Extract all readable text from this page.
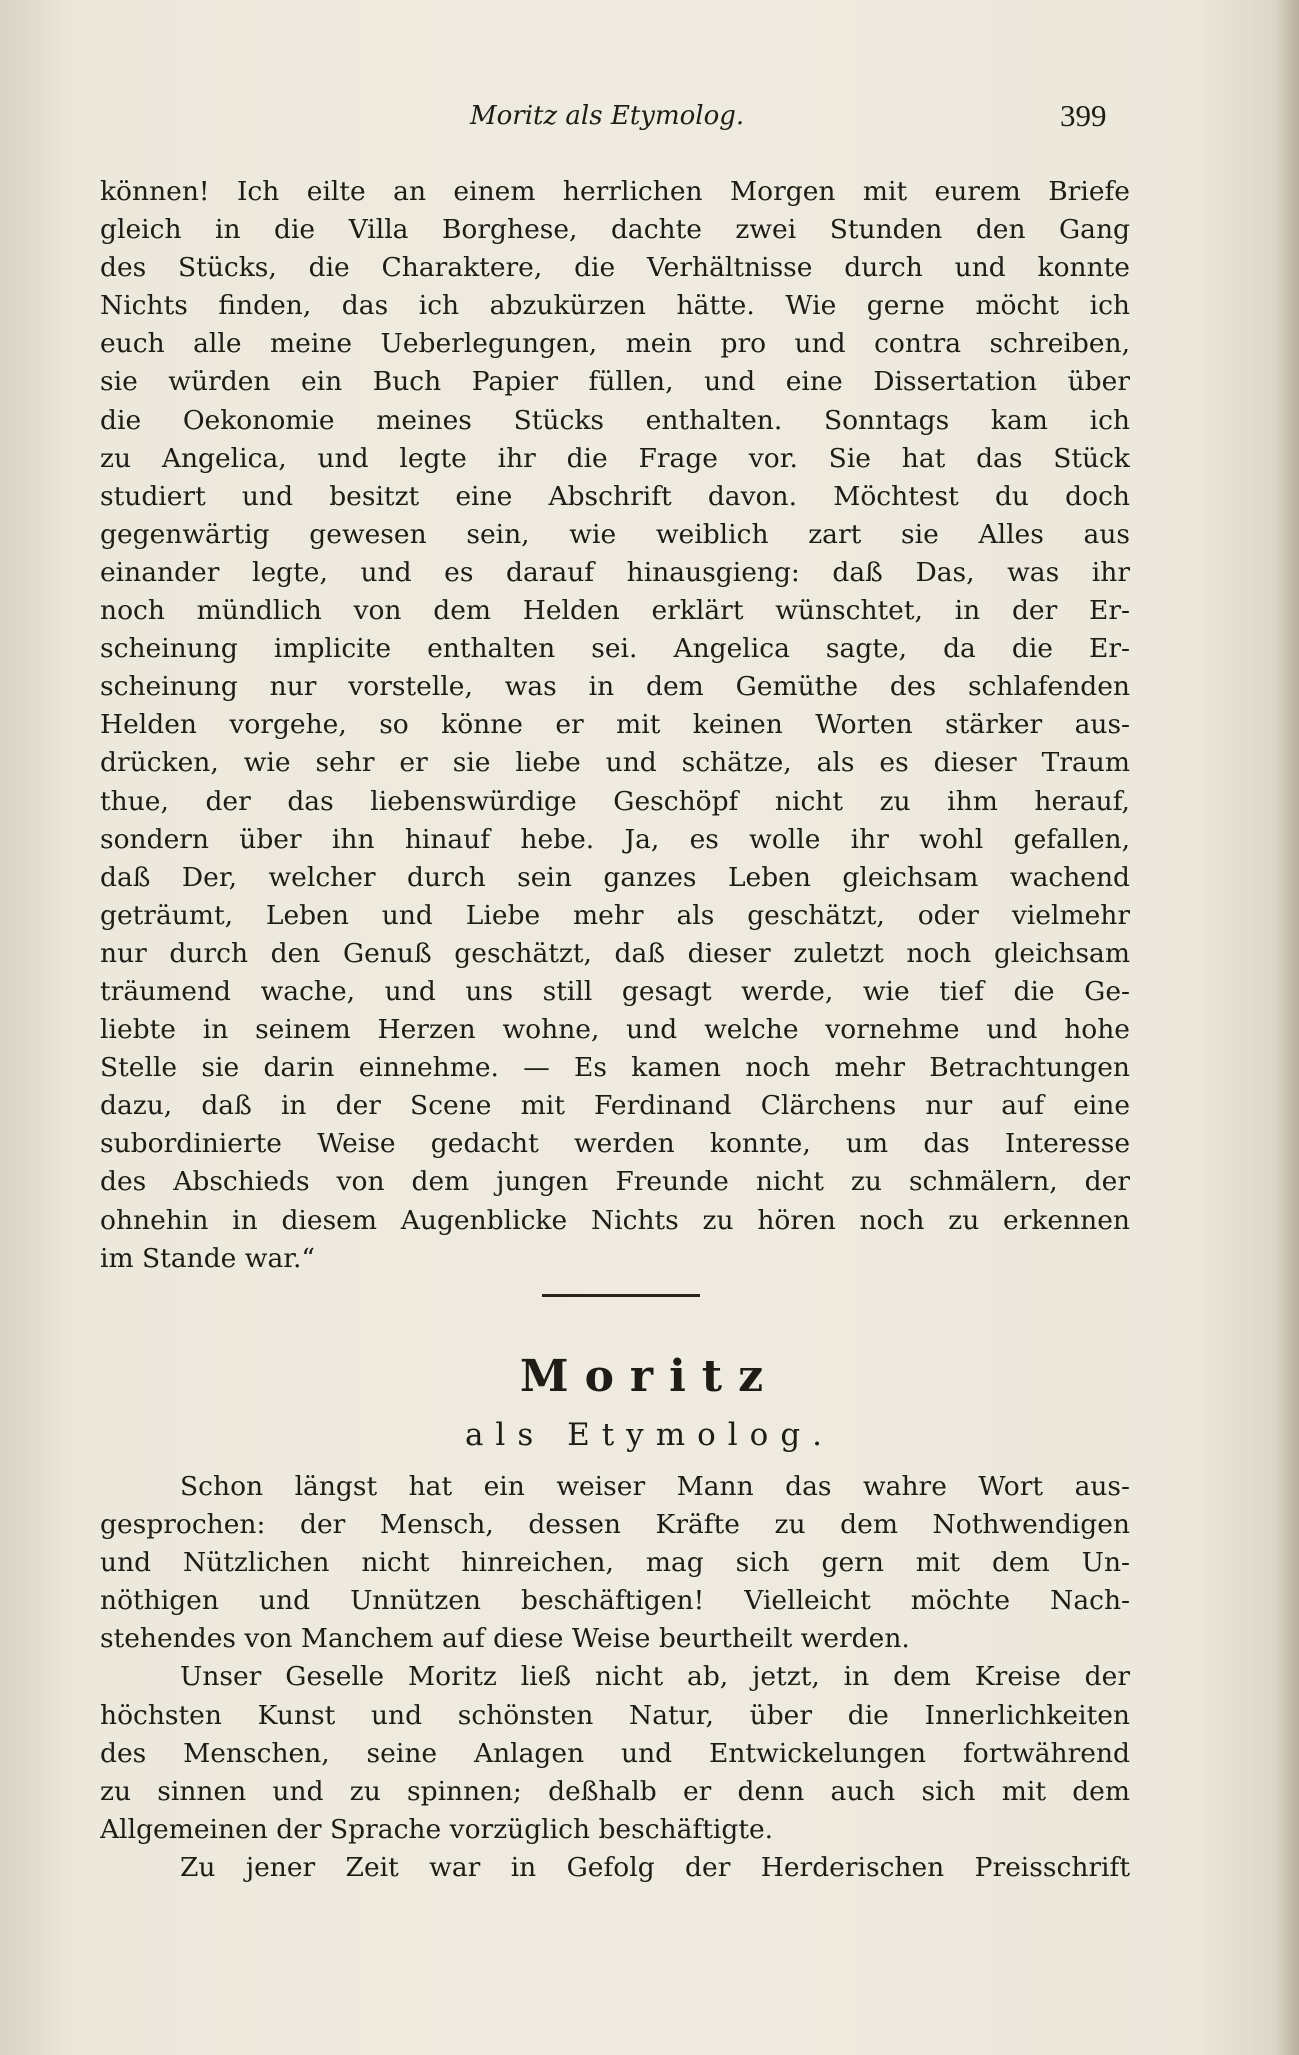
Moritz als Etymolog.	399
können! Ich eilte an einem herrlichen Morgen mit eurem Briefe
gleich in die Villa Borghese, dachte zwei Stunden den Gang
des Stücks, die Charaktere, die Verhältnisse durch und konnte
Nichts finden, das ich abzukürzen hätte. Wie gerne möcht ich
euch alle meine Ueberlegungen, mein pro und contra schreiben,
sie würden ein Buch Papier füllen, und eine Dissertation über
die Oekonomie meines Stücks enthalten. Sonntags kam ich
zu Angelica, und legte ihr die Frage vor. Sie hat das Stück
studiert und besitzt eine Abschrift davon. Möchtest du doch
gegenwärtig gewesen sein, wie weiblich zart sie Alles aus
einander legte, und es darauf hinausgieng: daß Das, was ihr
noch mündlich von dem Helden erklärt wünschtet, in der Er-
scheinung implicite enthalten sei. Angelica sagte, da die Er-
scheinung nur vorstelle, was in dem Gemüthe des schlafenden
Helden vorgehe, so könne er mit keinen Worten stärker aus-
drücken, wie sehr er sie liebe und schätze, als es dieser Traum
thue, der das liebenswürdige Geschöpf nicht zu ihm herauf,
sondern über ihn hinauf hebe. Ja, es wolle ihr wohl gefallen,
daß Der, welcher durch sein ganzes Leben gleichsam wachend
geträumt, Leben und Liebe mehr als geschätzt, oder vielmehr
nur durch den Genuß geschätzt, daß dieser zuletzt noch gleichsam
träumend wache, und uns still gesagt werde, wie tief die Ge-
liebte in seinem Herzen wohne, und welche vornehme und hohe
Stelle sie darin einnehme. — Es kamen noch mehr Betrachtungen
dazu, daß in der Scene mit Ferdinand Clärchens nur auf eine
subordinierte Weise gedacht werden konnte, um das Interesse
des Abschieds von dem jungen Freunde nicht zu schmälern, der
ohnehin in diesem Augenblicke Nichts zu hören noch zu erkennen
im Stande war.“
Moritz
als Etymolog.
Schon längst hat ein weiser Mann das wahre Wort aus-
gesprochen: der Mensch, dessen Kräfte zu dem Nothwendigen
und Nützlichen nicht hinreichen, mag sich gern mit dem Un-
nöthigen und Unnützen beschäftigen! Vielleicht möchte Nach-
stehendes von Manchem auf diese Weise beurtheilt werden.
Unser Geselle Moritz ließ nicht ab, jetzt, in dem Kreise der
höchsten Kunst und schönsten Natur, über die Innerlichkeiten
des Menschen, seine Anlagen und Entwickelungen fortwährend
zu sinnen und zu spinnen; deßhalb er denn auch sich mit dem
Allgemeinen der Sprache vorzüglich beschäftigte.
Zu jener Zeit war in Gefolg der Herderischen Preisschrift
